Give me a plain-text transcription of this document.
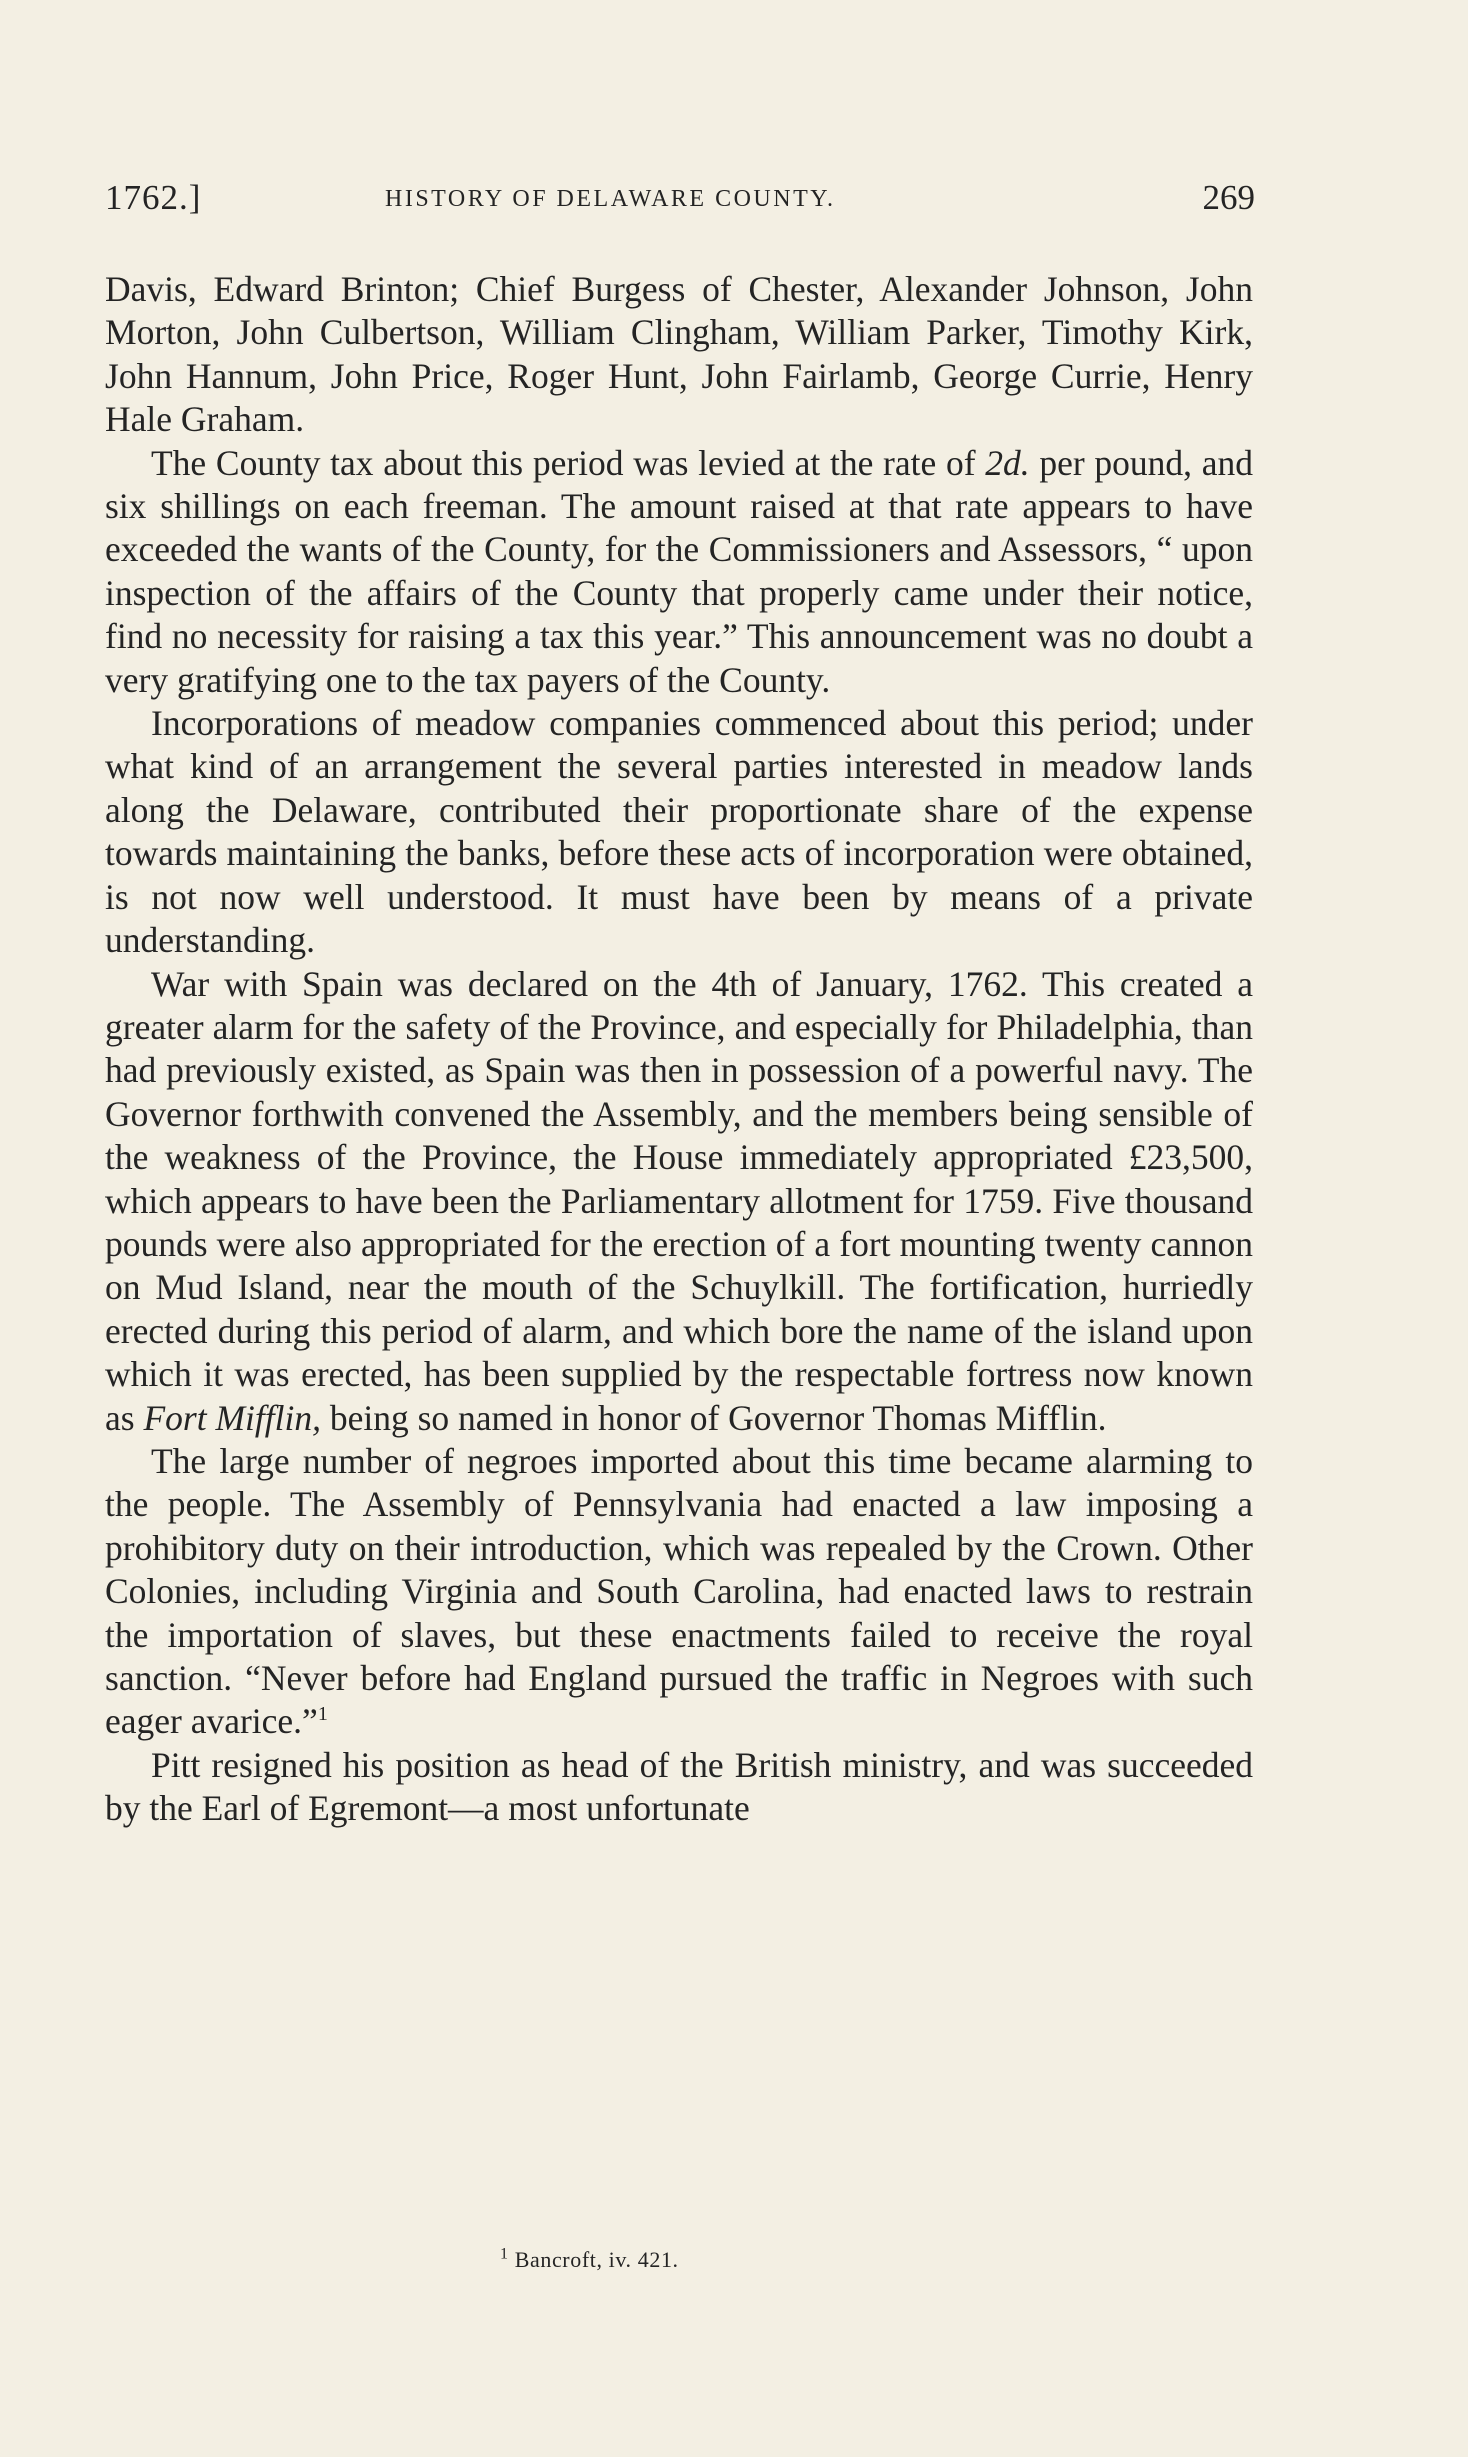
1762.]	HISTORY OF DELAWARE COUNTY.	269

Davis, Edward Brinton; Chief Burgess of Chester, Alexander Johnson, John Morton, John Culbertson, William Clingham, William Parker, Timothy Kirk, John Hannum, John Price, Roger Hunt, John Fairlamb, George Currie, Henry Hale Graham.

The County tax about this period was levied at the rate of 2d. per pound, and six shillings on each freeman. The amount raised at that rate appears to have exceeded the wants of the County, for the Commissioners and Assessors, “ upon inspection of the affairs of the County that properly came under their notice, find no necessity for raising a tax this year.” This announcement was no doubt a very gratifying one to the tax payers of the County.

Incorporations of meadow companies commenced about this period; under what kind of an arrangement the several parties interested in meadow lands along the Delaware, contributed their proportionate share of the expense towards maintaining the banks, before these acts of incorporation were obtained, is not now well understood. It must have been by means of a private understanding.

War with Spain was declared on the 4th of January, 1762. This created a greater alarm for the safety of the Province, and especially for Philadelphia, than had previously existed, as Spain was then in possession of a powerful navy. The Governor forthwith convened the Assembly, and the members being sensible of the weakness of the Province, the House immediately appropriated £23,500, which appears to have been the Parliamentary allotment for 1759. Five thousand pounds were also appropriated for the erection of a fort mounting twenty cannon on Mud Island, near the mouth of the Schuylkill. The fortification, hurriedly erected during this period of alarm, and which bore the name of the island upon which it was erected, has been supplied by the respectable fortress now known as Fort Mifflin, being so named in honor of Governor Thomas Mifflin.

The large number of negroes imported about this time became alarming to the people. The Assembly of Pennsylvania had enacted a law imposing a prohibitory duty on their introduction, which was repealed by the Crown. Other Colonies, including Virginia and South Carolina, had enacted laws to restrain the importation of slaves, but these enactments failed to receive the royal sanction. “Never before had England pursued the traffic in Negroes with such eager avarice.”$^1$

Pitt resigned his position as head of the British ministry, and was succeeded by the Earl of Egremont—a most unfortunate

$^1$ Bancroft, iv. 421.
